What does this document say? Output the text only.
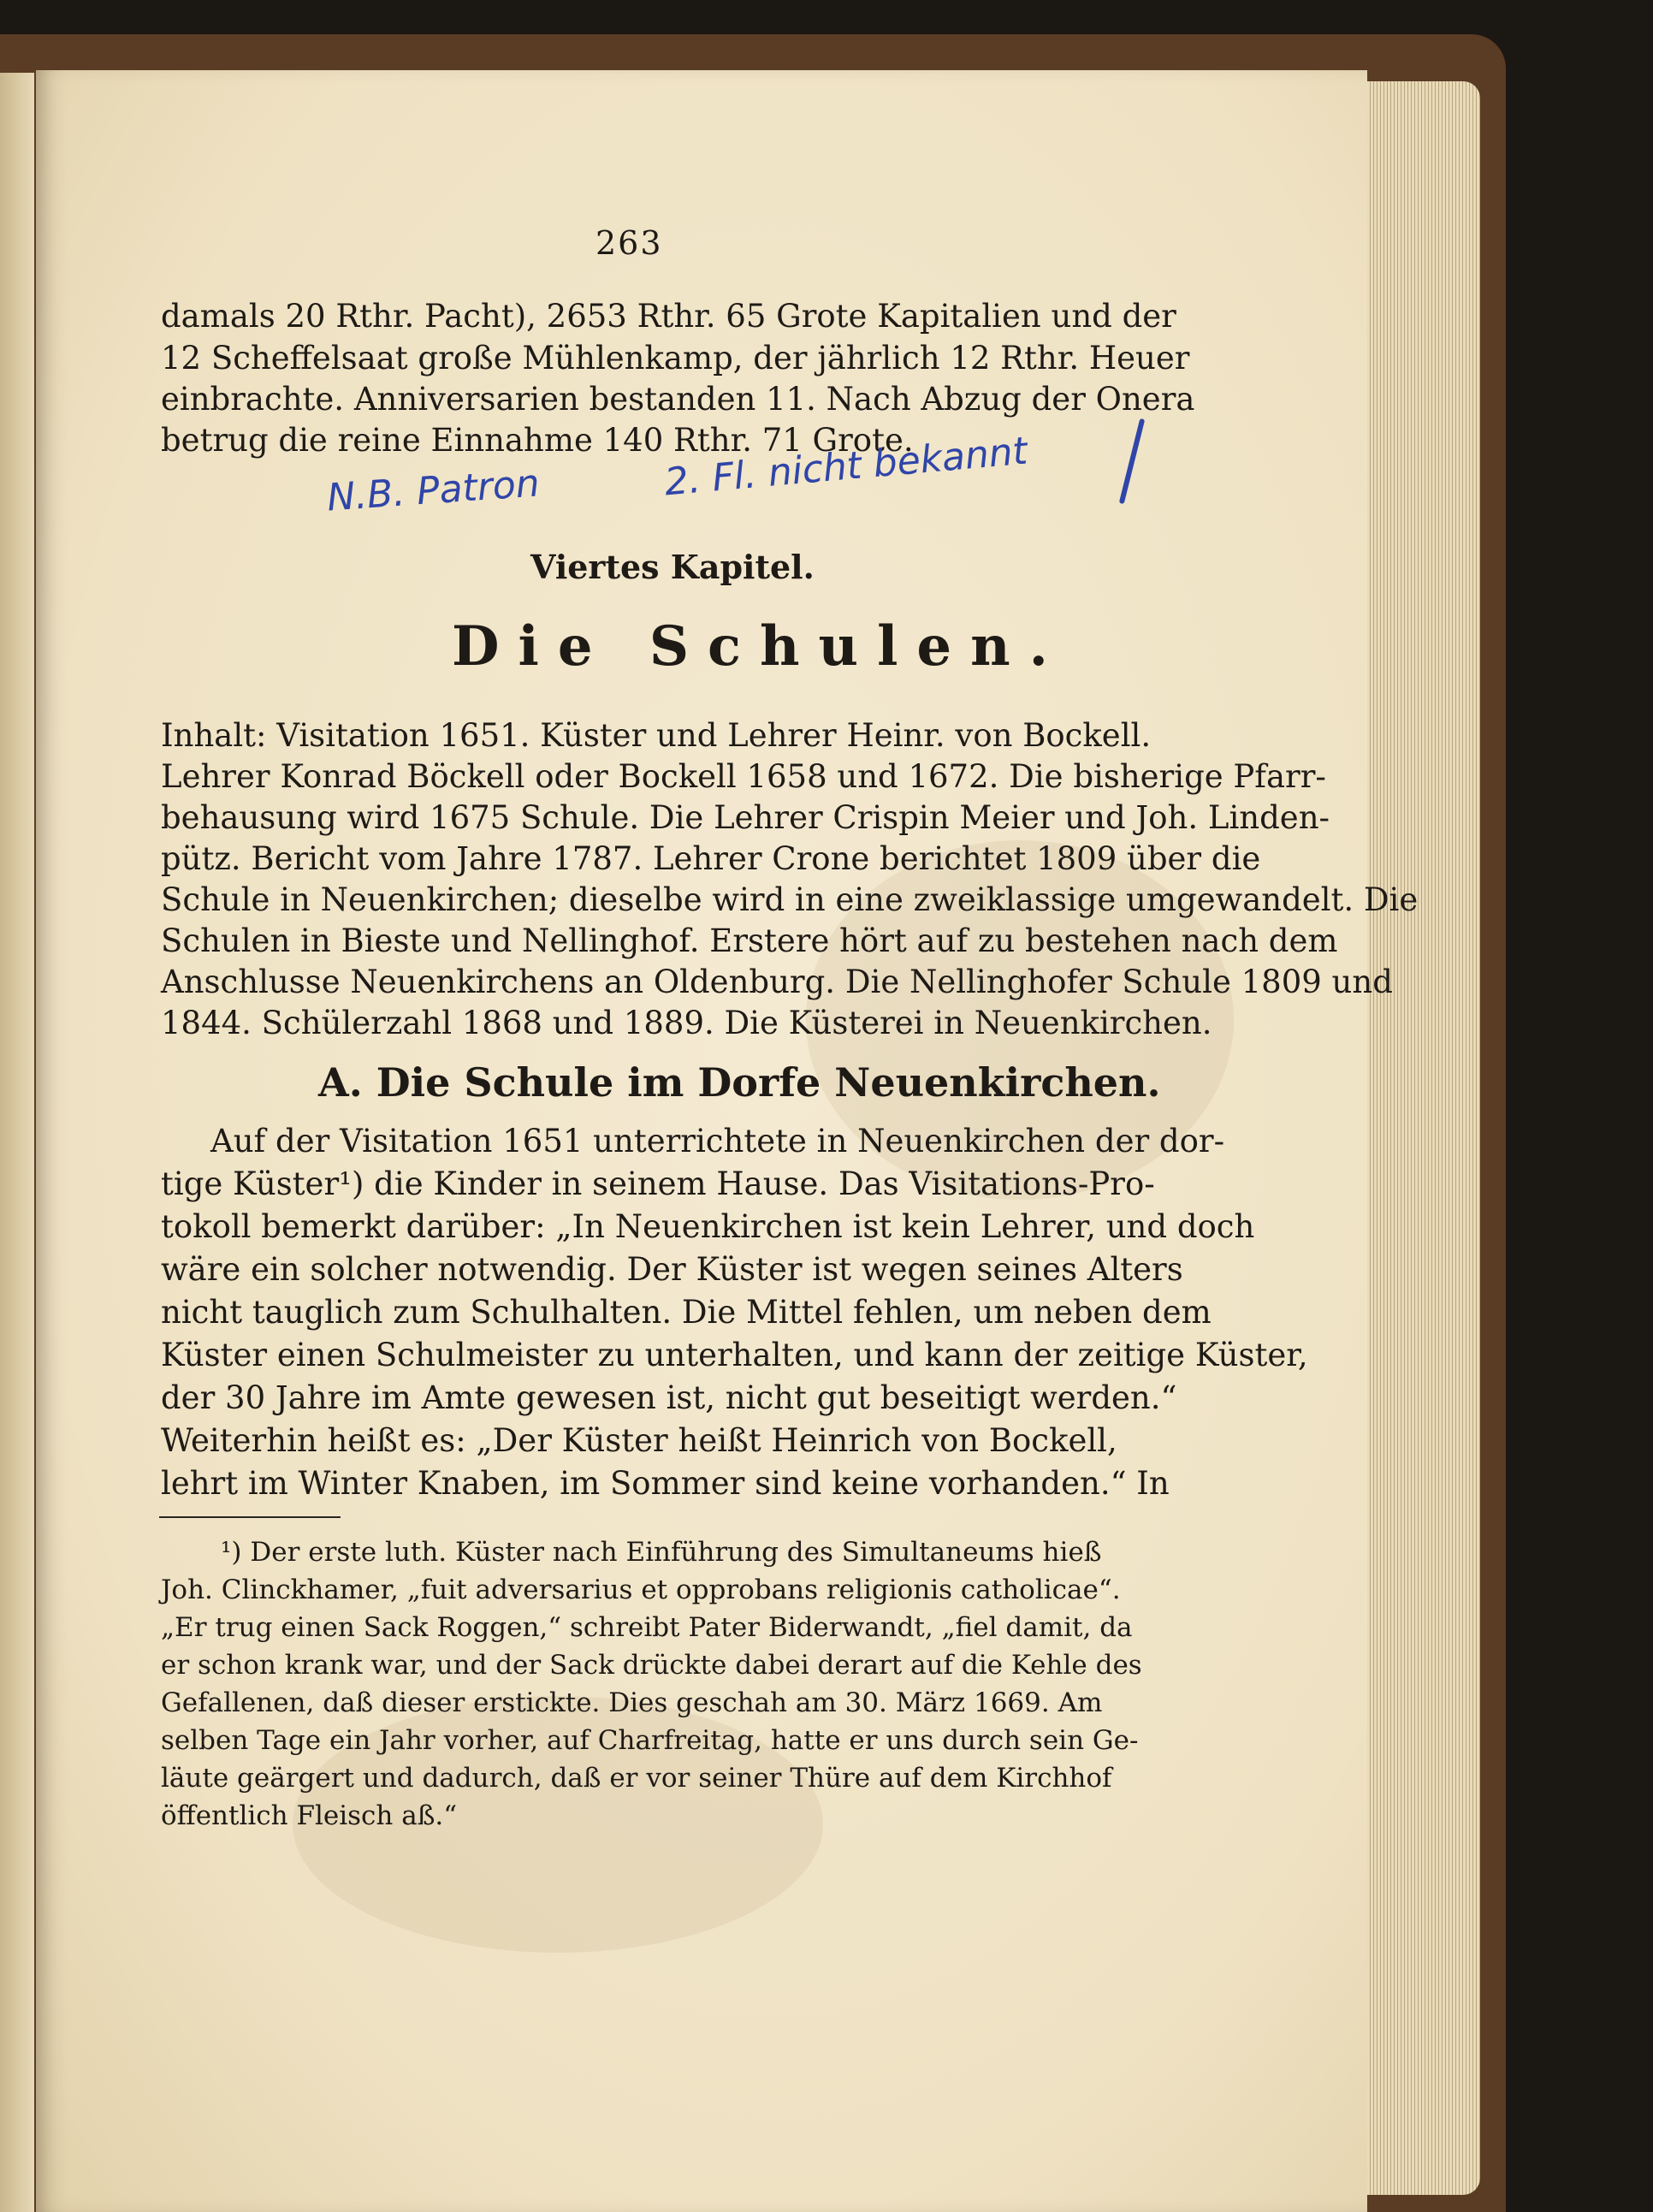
263
damals 20 Rthr. Pacht), 2653 Rthr. 65 Grote Kapitalien und der
12 Scheffelsaat große Mühlenkamp, der jährlich 12 Rthr. Heuer
einbrachte. Anniversarien bestanden 11. Nach Abzug der Onera
betrug die reine Einnahme 140 Rthr. 71 Grote.
N.B. Patron	2. Fl. nicht bekannt
Viertes Kapitel.
Die Schulen.
Inhalt: Visitation 1651. Küster und Lehrer Heinr. von Bockell.
Lehrer Konrad Böckell oder Bockell 1658 und 1672. Die bisherige Pfarr-
behausung wird 1675 Schule. Die Lehrer Crispin Meier und Joh. Linden-
pütz. Bericht vom Jahre 1787. Lehrer Crone berichtet 1809 über die
Schule in Neuenkirchen; dieselbe wird in eine zweiklassige umgewandelt. Die
Schulen in Bieste und Nellinghof. Erstere hört auf zu bestehen nach dem
Anschlusse Neuenkirchens an Oldenburg. Die Nellinghofer Schule 1809 und
1844. Schülerzahl 1868 und 1889. Die Küsterei in Neuenkirchen.
A. Die Schule im Dorfe Neuenkirchen.
Auf der Visitation 1651 unterrichtete in Neuenkirchen der dor-
tige Küster¹) die Kinder in seinem Hause. Das Visitations-Pro-
tokoll bemerkt darüber: „In Neuenkirchen ist kein Lehrer, und doch
wäre ein solcher notwendig. Der Küster ist wegen seines Alters
nicht tauglich zum Schulhalten. Die Mittel fehlen, um neben dem
Küster einen Schulmeister zu unterhalten, und kann der zeitige Küster,
der 30 Jahre im Amte gewesen ist, nicht gut beseitigt werden.“
Weiterhin heißt es: „Der Küster heißt Heinrich von Bockell,
lehrt im Winter Knaben, im Sommer sind keine vorhanden.“ In
¹) Der erste luth. Küster nach Einführung des Simultaneums hieß
Joh. Clinckhamer, „fuit adversarius et opprobans religionis catholicae“.
„Er trug einen Sack Roggen,“ schreibt Pater Biderwandt, „fiel damit, da
er schon krank war, und der Sack drückte dabei derart auf die Kehle des
Gefallenen, daß dieser erstickte. Dies geschah am 30. März 1669. Am
selben Tage ein Jahr vorher, auf Charfreitag, hatte er uns durch sein Ge-
läute geärgert und dadurch, daß er vor seiner Thüre auf dem Kirchhof
öffentlich Fleisch aß.“
